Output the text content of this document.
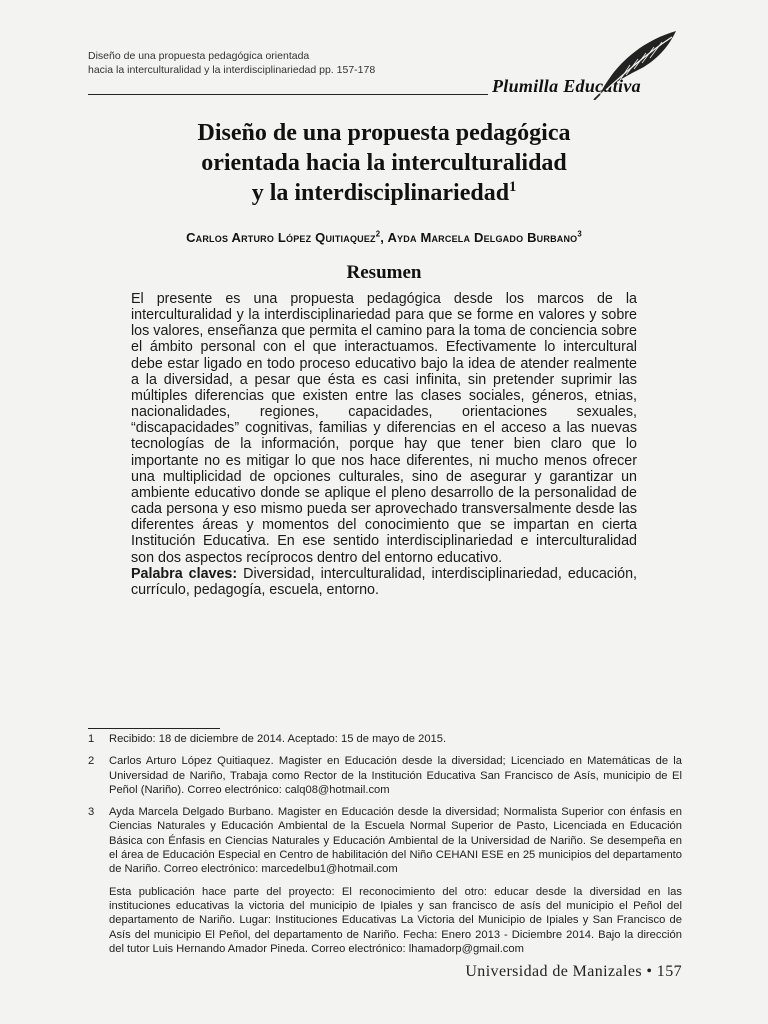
Diseño de una propuesta pedagógica orientada
hacia la interculturalidad y la interdisciplinariedad pp. 157-178
Plumilla Educativa
Diseño de una propuesta pedagógica
orientada hacia la interculturalidad
y la interdisciplinariedad$^1$
Carlos Arturo López Quitiaquez$^2$, Ayda Marcela Delgado Burbano$^3$
Resumen

El presente es una propuesta pedagógica desde los marcos de la interculturalidad y la interdisciplinariedad para que se forme en valores y sobre los valores, enseñanza que permita el camino para la toma de conciencia sobre el ámbito personal con el que interactuamos. Efectivamente lo intercultural debe estar ligado en todo proceso educativo bajo la idea de atender realmente a la diversidad, a pesar que ésta es casi infinita, sin pretender suprimir las múltiples diferencias que existen entre las clases sociales, géneros, etnias, nacionalidades, regiones, capacidades, orientaciones sexuales, “discapacidades” cognitivas, familias y diferencias en el acceso a las nuevas tecnologías de la información, porque hay que tener bien claro que lo importante no es mitigar lo que nos hace diferentes, ni mucho menos ofrecer una multiplicidad de opciones culturales, sino de asegurar y garantizar un ambiente educativo donde se aplique el pleno desarrollo de la personalidad de cada persona y eso mismo pueda ser aprovechado transversalmente desde las diferentes áreas y momentos del conocimiento que se impartan en cierta Institución Educativa. En ese sentido interdisciplinariedad e interculturalidad son dos aspectos recíprocos dentro del entorno educativo.

Palabra claves: Diversidad, interculturalidad, interdisciplinariedad, educación, currículo, pedagogía, escuela, entorno.

1	Recibido: 18 de diciembre de 2014. Aceptado: 15 de mayo de 2015.
2	Carlos Arturo López Quitiaquez. Magister en Educación desde la diversidad; Licenciado en Matemáticas de la Universidad de Nariño, Trabaja como Rector de la Institución Educativa San Francisco de Asís, municipio de El Peñol (Nariño). Correo electrónico: calq08@hotmail.com
3	Ayda Marcela Delgado Burbano. Magister en Educación desde la diversidad; Normalista Superior con énfasis en Ciencias Naturales y Educación Ambiental de la Escuela Normal Superior de Pasto, Licenciada en Educación Básica con Énfasis en Ciencias Naturales y Educación Ambiental de la Universidad de Nariño. Se desempeña en el área de Educación Especial en Centro de habilitación del Niño CEHANI ESE en 25 municipios del departamento de Nariño. Correo electrónico: marcedelbu1@hotmail.com
Esta publicación hace parte del proyecto: El reconocimiento del otro: educar desde la diversidad en las instituciones educativas la victoria del municipio de Ipiales y san francisco de asís del municipio el Peñol del departamento de Nariño. Lugar: Instituciones Educativas La Victoria del Municipio de Ipiales y San Francisco de Asís del municipio El Peñol, del departamento de Nariño. Fecha: Enero 2013 - Diciembre 2014. Bajo la dirección del tutor Luis Hernando Amador Pineda. Correo electrónico: lhamadorp@gmail.com
Universidad de Manizales • 157
